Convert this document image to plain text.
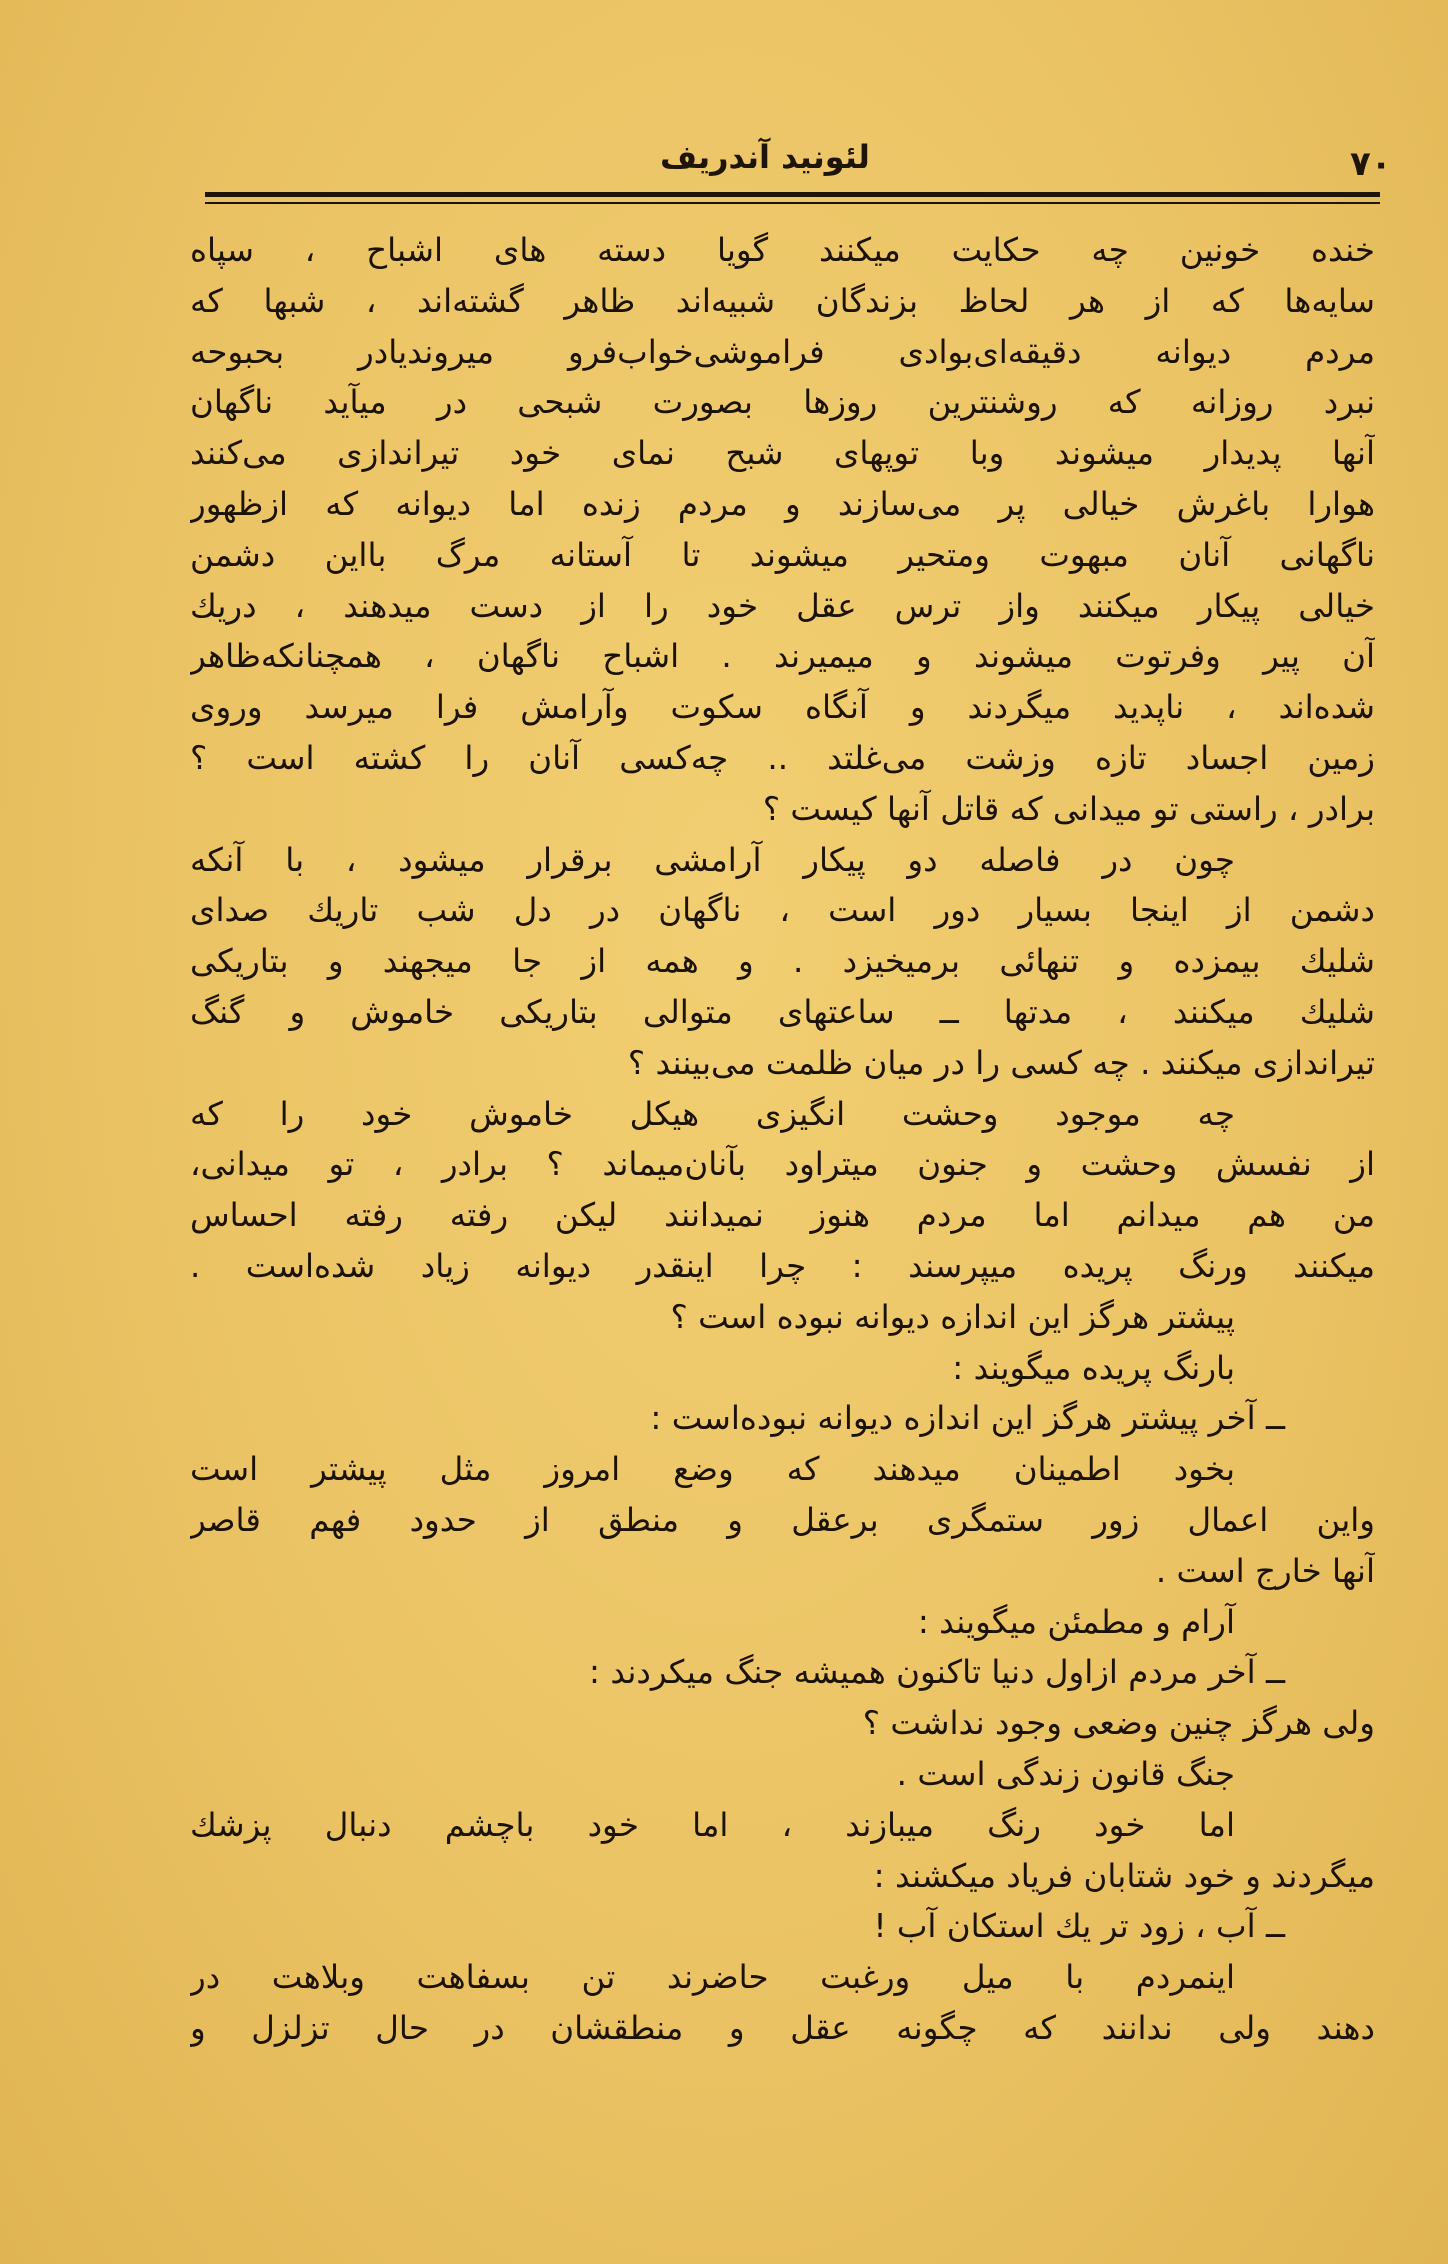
۷۰
لئونید آندریف
خنده خونین چه حکایت میکنند گویا دسته های اشباح ، سپاه
سایه‌ها که از هر لحاظ بزندگان شبیه‌اند ظاهر گشته‌اند ، شبها که
مردم دیوانه دقیقه‌ای‌بوادی فراموشی‌خواب‌فرو میروندیادر بحبوحه
نبرد روزانه که روشنترین روزها بصورت شبحی در میآید ناگهان
آنها پدیدار میشوند وبا توپهای شبح نمای خود تیراندازی می‌کنند
هوارا باغرش خیالی پر می‌سازند و مردم زنده اما دیوانه که ازظهور
ناگهانی آنان مبهوت ومتحیر میشوند تا آستانه مرگ بااین دشمن
خیالی پیکار میکنند واز ترس عقل خود را از دست میدهند ، دریك
آن پیر وفرتوت میشوند و میمیرند . اشباح ناگهان ، همچنانکه‌ظاهر
شده‌اند ، ناپدید میگردند و آنگاه سکوت وآرامش فرا میرسد وروی
زمین اجساد تازه وزشت می‌غلتد .. چه‌کسی آنان را کشته است ؟
برادر ، راستی تو میدانی که قاتل آنها کیست ؟
چون در فاصله دو پیکار آرامشی برقرار میشود ، با آنکه
دشمن از اینجا بسیار دور است ، ناگهان در دل شب تاریك صدای
شلیك بیمزده و تنهائی برمیخیزد . و همه از جا میجهند و بتاریکی
شلیك میکنند ، مدتها ــ ساعتهای متوالی بتاریکی خاموش و گنگ
تیراندازی میکنند . چه کسی را در میان ظلمت می‌بینند ؟
چه موجود وحشت انگیزی هیکل خاموش خود را که
از نفسش وحشت و جنون میتراود بآنان‌میماند ؟ برادر ، تو میدانی،
من هم میدانم اما مردم هنوز نمیدانند لیکن رفته رفته احساس
میکنند ورنگ پریده میپرسند : چرا اینقدر دیوانه زیاد شده‌است .
پیشتر هرگز این اندازه دیوانه نبوده است ؟
بارنگ پریده میگویند :
ــ آخر پیشتر هرگز این اندازه دیوانه نبوده‌است :
بخود اطمینان میدهند که وضع امروز مثل پیشتر است
واین اعمال زور ستمگری برعقل و منطق از حدود فهم قاصر
آنها خارج است .
آرام و مطمئن میگویند :
ــ آخر مردم ازاول دنیا تاکنون همیشه جنگ میکردند :
ولی هرگز چنین وضعی وجود نداشت ؟
جنگ قانون زندگی است .
اما خود رنگ میبازند ، اما خود باچشم دنبال پزشك
میگردند و خود شتابان فریاد میکشند :
ــ آب ، زود تر یك استکان آب !
اینمردم با میل ورغبت حاضرند تن بسفاهت وبلاهت در
دهند ولی ندانند که چگونه عقل و منطقشان در حال تزلزل و
